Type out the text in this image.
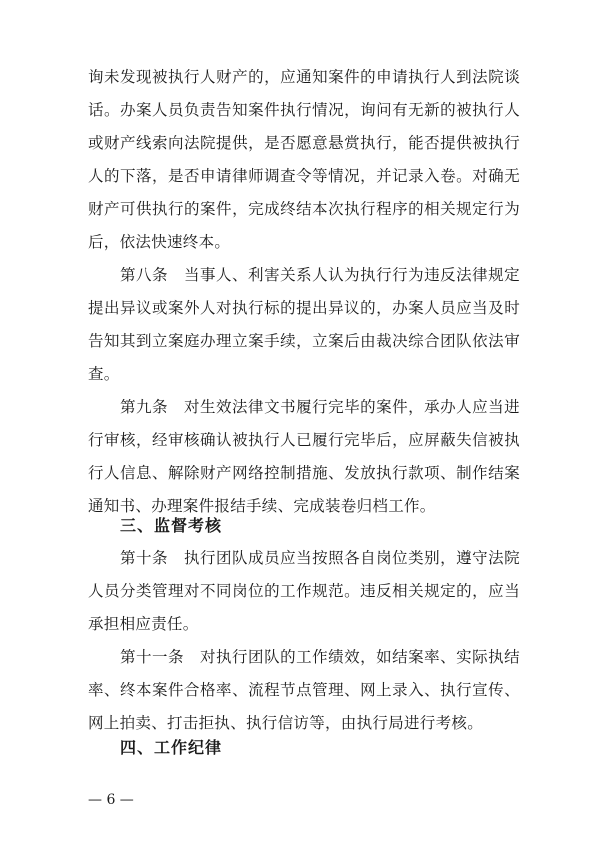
询未发现被执行人财产的，应通知案件的申请执行人到法院谈话。办案人员负责告知案件执行情况，询问有无新的被执行人或财产线索向法院提供，是否愿意悬赏执行，能否提供被执行人的下落，是否申请律师调查令等情况，并记录入卷。对确无财产可供执行的案件，完成终结本次执行程序的相关规定行为后，依法快速终本。

第八条　当事人、利害关系人认为执行行为违反法律规定提出异议或案外人对执行标的提出异议的，办案人员应当及时告知其到立案庭办理立案手续，立案后由裁决综合团队依法审查。

第九条　对生效法律文书履行完毕的案件，承办人应当进行审核，经审核确认被执行人已履行完毕后，应屏蔽失信被执行人信息、解除财产网络控制措施、发放执行款项、制作结案通知书、办理案件报结手续、完成装卷归档工作。

三、监督考核

第十条　执行团队成员应当按照各自岗位类别，遵守法院人员分类管理对不同岗位的工作规范。违反相关规定的，应当承担相应责任。

第十一条　对执行团队的工作绩效，如结案率、实际执结率、终本案件合格率、流程节点管理、网上录入、执行宣传、网上拍卖、打击拒执、执行信访等，由执行局进行考核。

四、工作纪律
— 6 —
